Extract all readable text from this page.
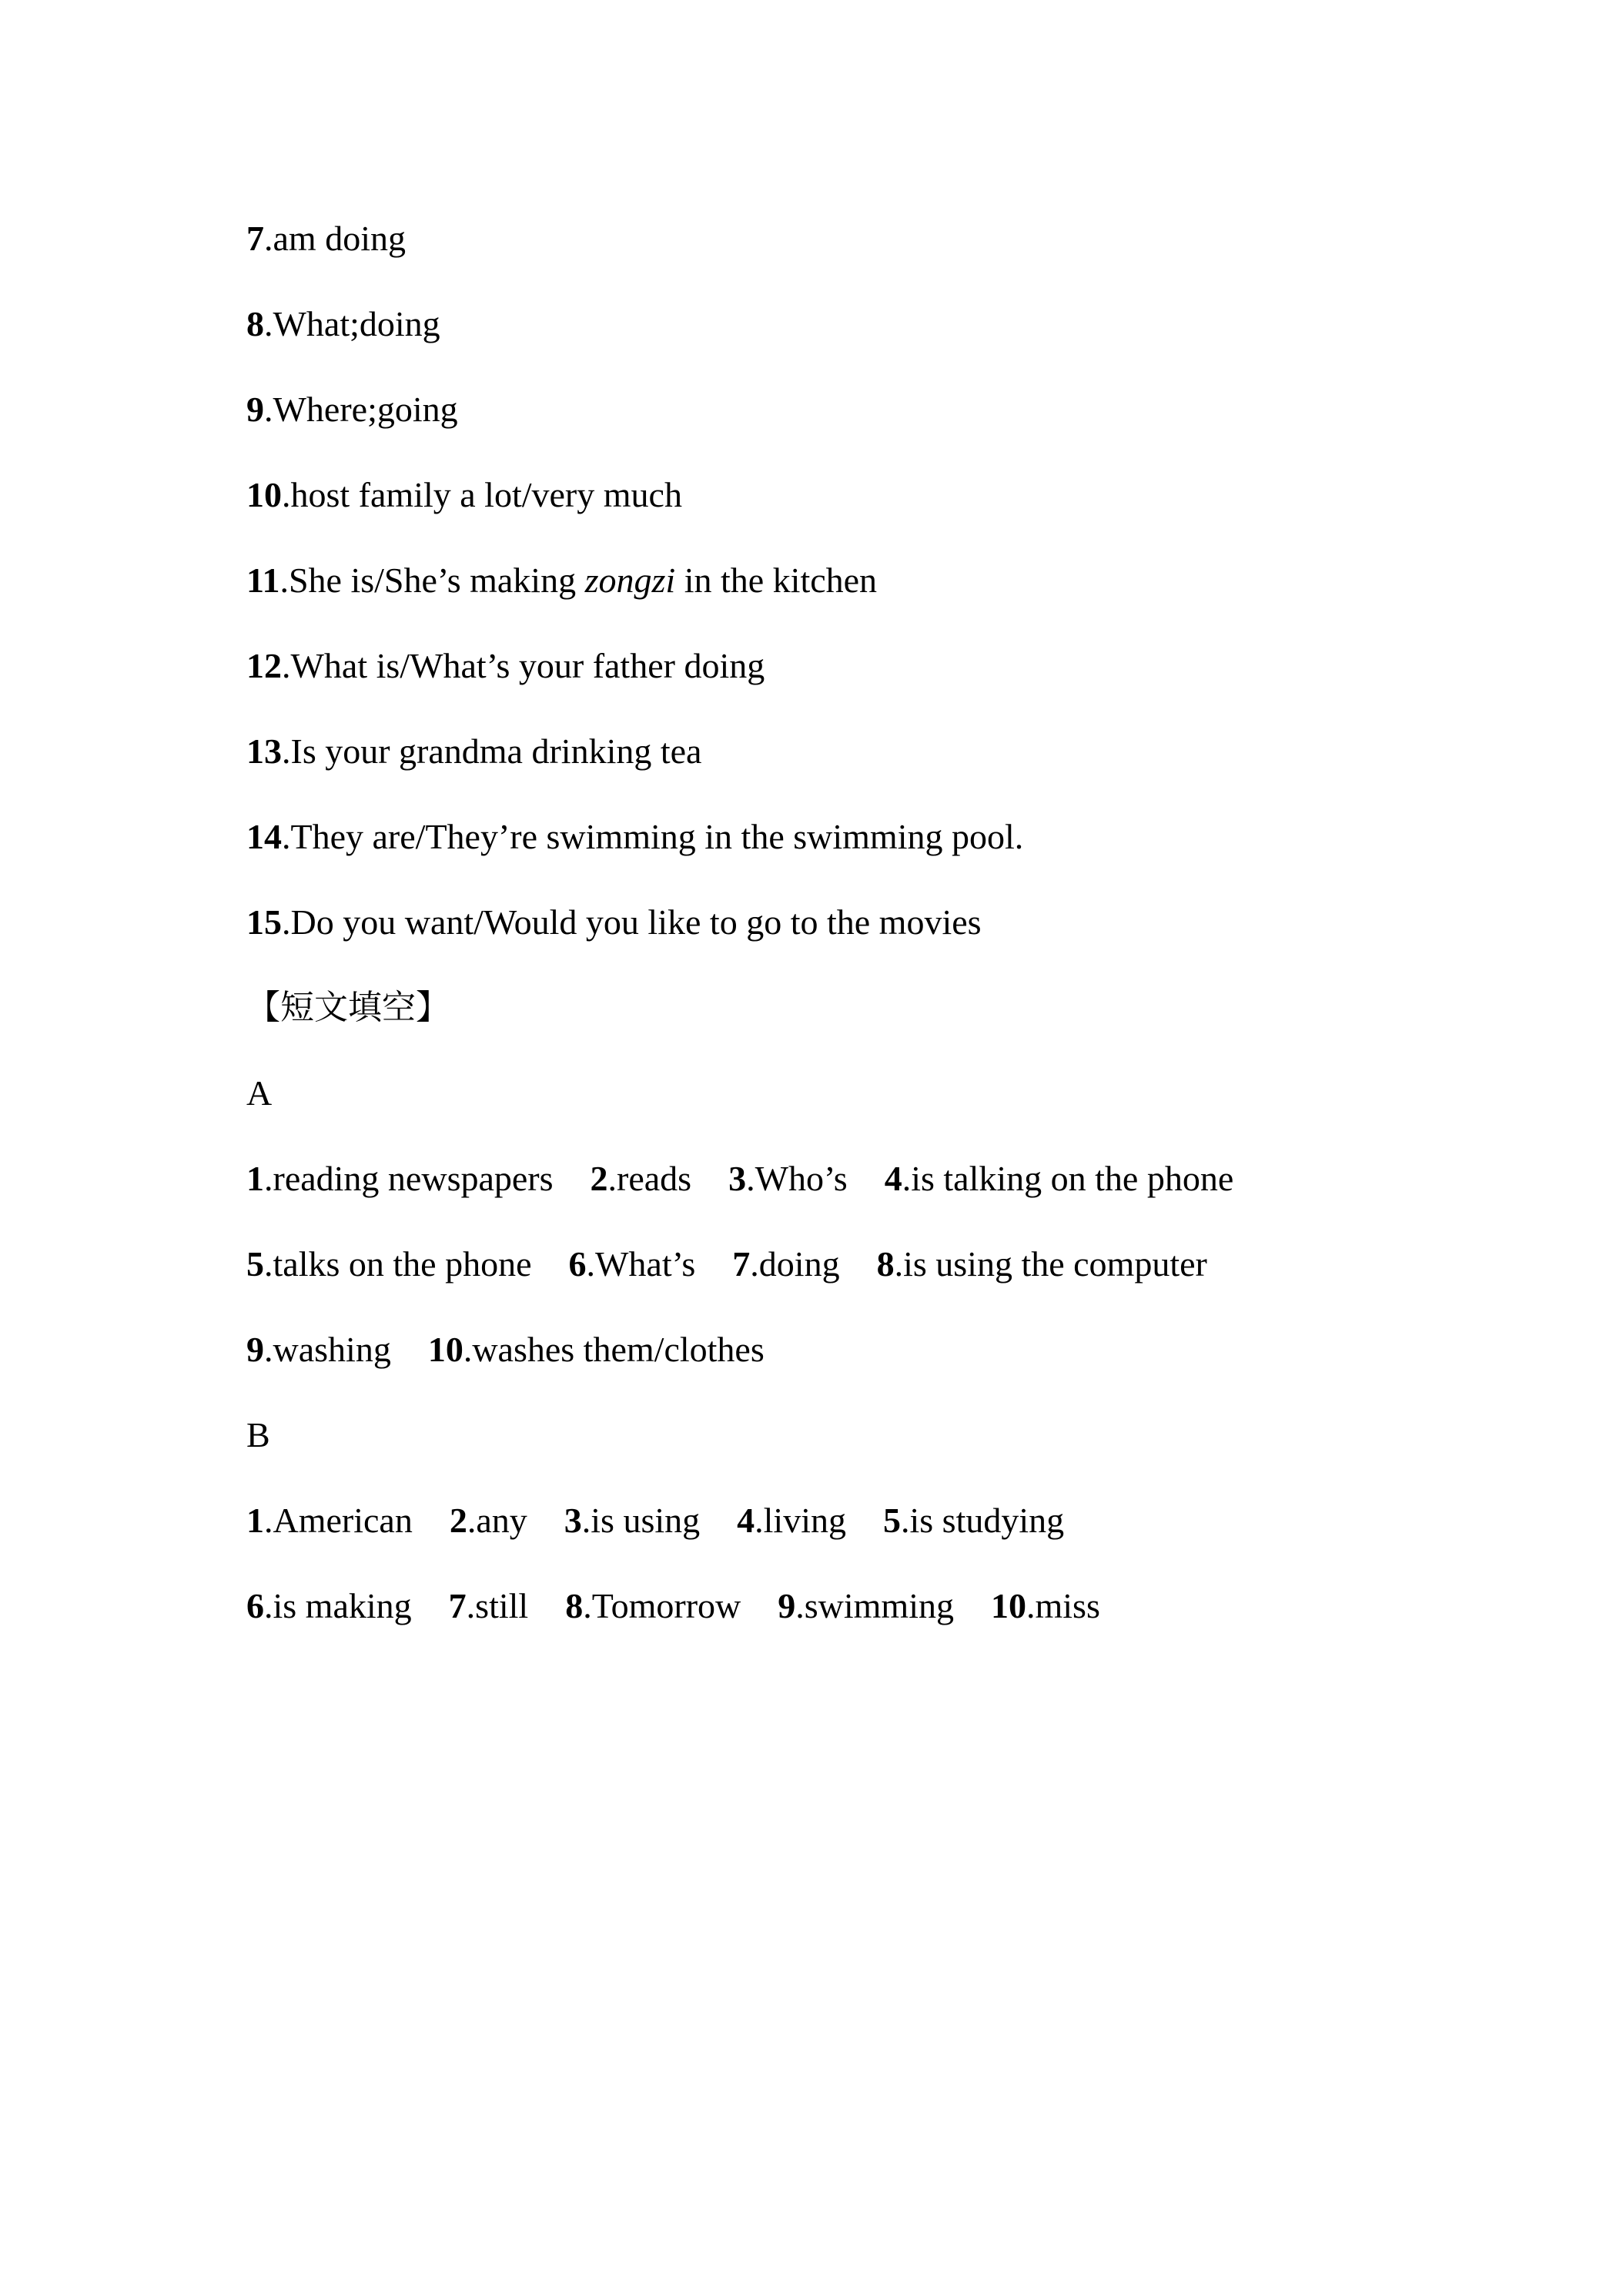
7.am doing
8.What;doing
9.Where;going
10.host family a lot/very much
11.She is/She’s making zongzi in the kitchen
12.What is/What’s your father doing
13.Is your grandma drinking tea
14.They are/They’re swimming in the swimming pool.
15.Do you want/Would you like to go to the movies
【短文填空】
A
1.reading newspapers 2.reads 3.Who’s 4.is talking on the phone
5.talks on the phone 6.What’s 7.doing 8.is using the computer
9.washing 10.washes them/clothes
B
1.American 2.any 3.is using 4.living 5.is studying
6.is making 7.still 8.Tomorrow 9.swimming 10.miss
